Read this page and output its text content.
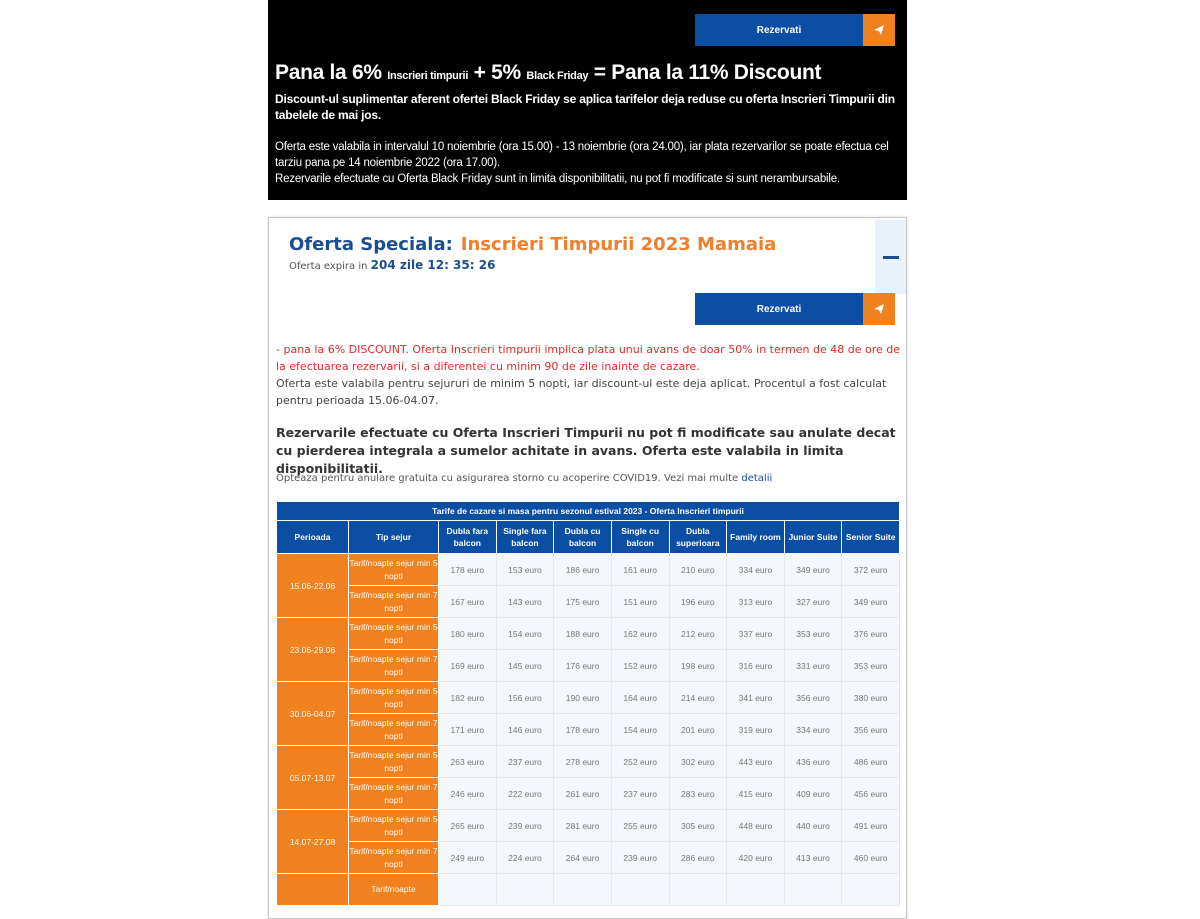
Rezervati
Pana la 6% Inscrieri timpurii + 5% Black Friday = Pana la 11% Discount
Discount-ul suplimentar aferent ofertei Black Friday se aplica tarifelor deja reduse cu oferta Inscrieri Timpurii din tabelele de mai jos.
Oferta este valabila in intervalul 10 noiembrie (ora 15.00) - 13 noiembrie (ora 24.00), iar plata rezervarilor se poate efectua cel tarziu pana pe 14 noiembrie 2022 (ora 17.00).
Rezervarile efectuate cu Oferta Black Friday sunt in limita disponibilitatii, nu pot fi modificate si sunt nerambursabile.
Oferta Speciala: Inscrieri Timpurii 2023 Mamaia
Oferta expira in 204 zile 12: 35: 26
Rezervati
- pana la 6% DISCOUNT. Oferta Inscrieri timpurii implica plata unui avans de doar 50% in termen de 48 de ore de la efectuarea rezervarii, si a diferentei cu minim 90 de zile inainte de cazare.
Oferta este valabila pentru sejururi de minim 5 nopti, iar discount-ul este deja aplicat. Procentul a fost calculat pentru perioada 15.06-04.07.
Rezervarile efectuate cu Oferta Inscrieri Timpurii nu pot fi modificate sau anulate decat cu pierderea integrala a sumelor achitate in avans. Oferta este valabila in limita disponibilitatii.
Opteaza pentru anulare gratuita cu asigurarea storno cu acoperire COVID19. Vezi mai multe detalii
Tarife de cazare si masa pentru sezonul estival 2023 - Oferta Inscrieri timpurii									
Perioada	Tip sejur	Dubla fara balcon	Single fara balcon	Dubla cu balcon	Single cu balcon	Dubla superioara	Family room	Junior Suite	Senior Suite
15.06-22.06	Tarif/noapte sejur min 5 nopti	178 euro	153 euro	186 euro	161 euro	210 euro	334 euro	349 euro	372 euro
	Tarif/noapte sejur min 7 nopti	167 euro	143 euro	175 euro	151 euro	196 euro	313 euro	327 euro	349 euro
23.06-29.06	Tarif/noapte sejur min 5 nopti	180 euro	154 euro	188 euro	162 euro	212 euro	337 euro	353 euro	376 euro
	Tarif/noapte sejur min 7 nopti	169 euro	145 euro	176 euro	152 euro	198 euro	316 euro	331 euro	353 euro
30.06-04.07	Tarif/noapte sejur min 5 nopti	182 euro	156 euro	190 euro	164 euro	214 euro	341 euro	356 euro	380 euro
	Tarif/noapte sejur min 7 nopti	171 euro	146 euro	178 euro	154 euro	201 euro	319 euro	334 euro	356 euro
05.07-13.07	Tarif/noapte sejur min 5 nopti	263 euro	237 euro	278 euro	252 euro	302 euro	443 euro	436 euro	486 euro
	Tarif/noapte sejur min 7 nopti	246 euro	222 euro	261 euro	237 euro	283 euro	415 euro	409 euro	456 euro
14.07-27.08	Tarif/noapte sejur min 5 nopti	265 euro	239 euro	281 euro	255 euro	305 euro	448 euro	440 euro	491 euro
	Tarif/noapte sejur min 7 nopti	249 euro	224 euro	264 euro	239 euro	286 euro	420 euro	413 euro	460 euro
	Tarif/noapte								
